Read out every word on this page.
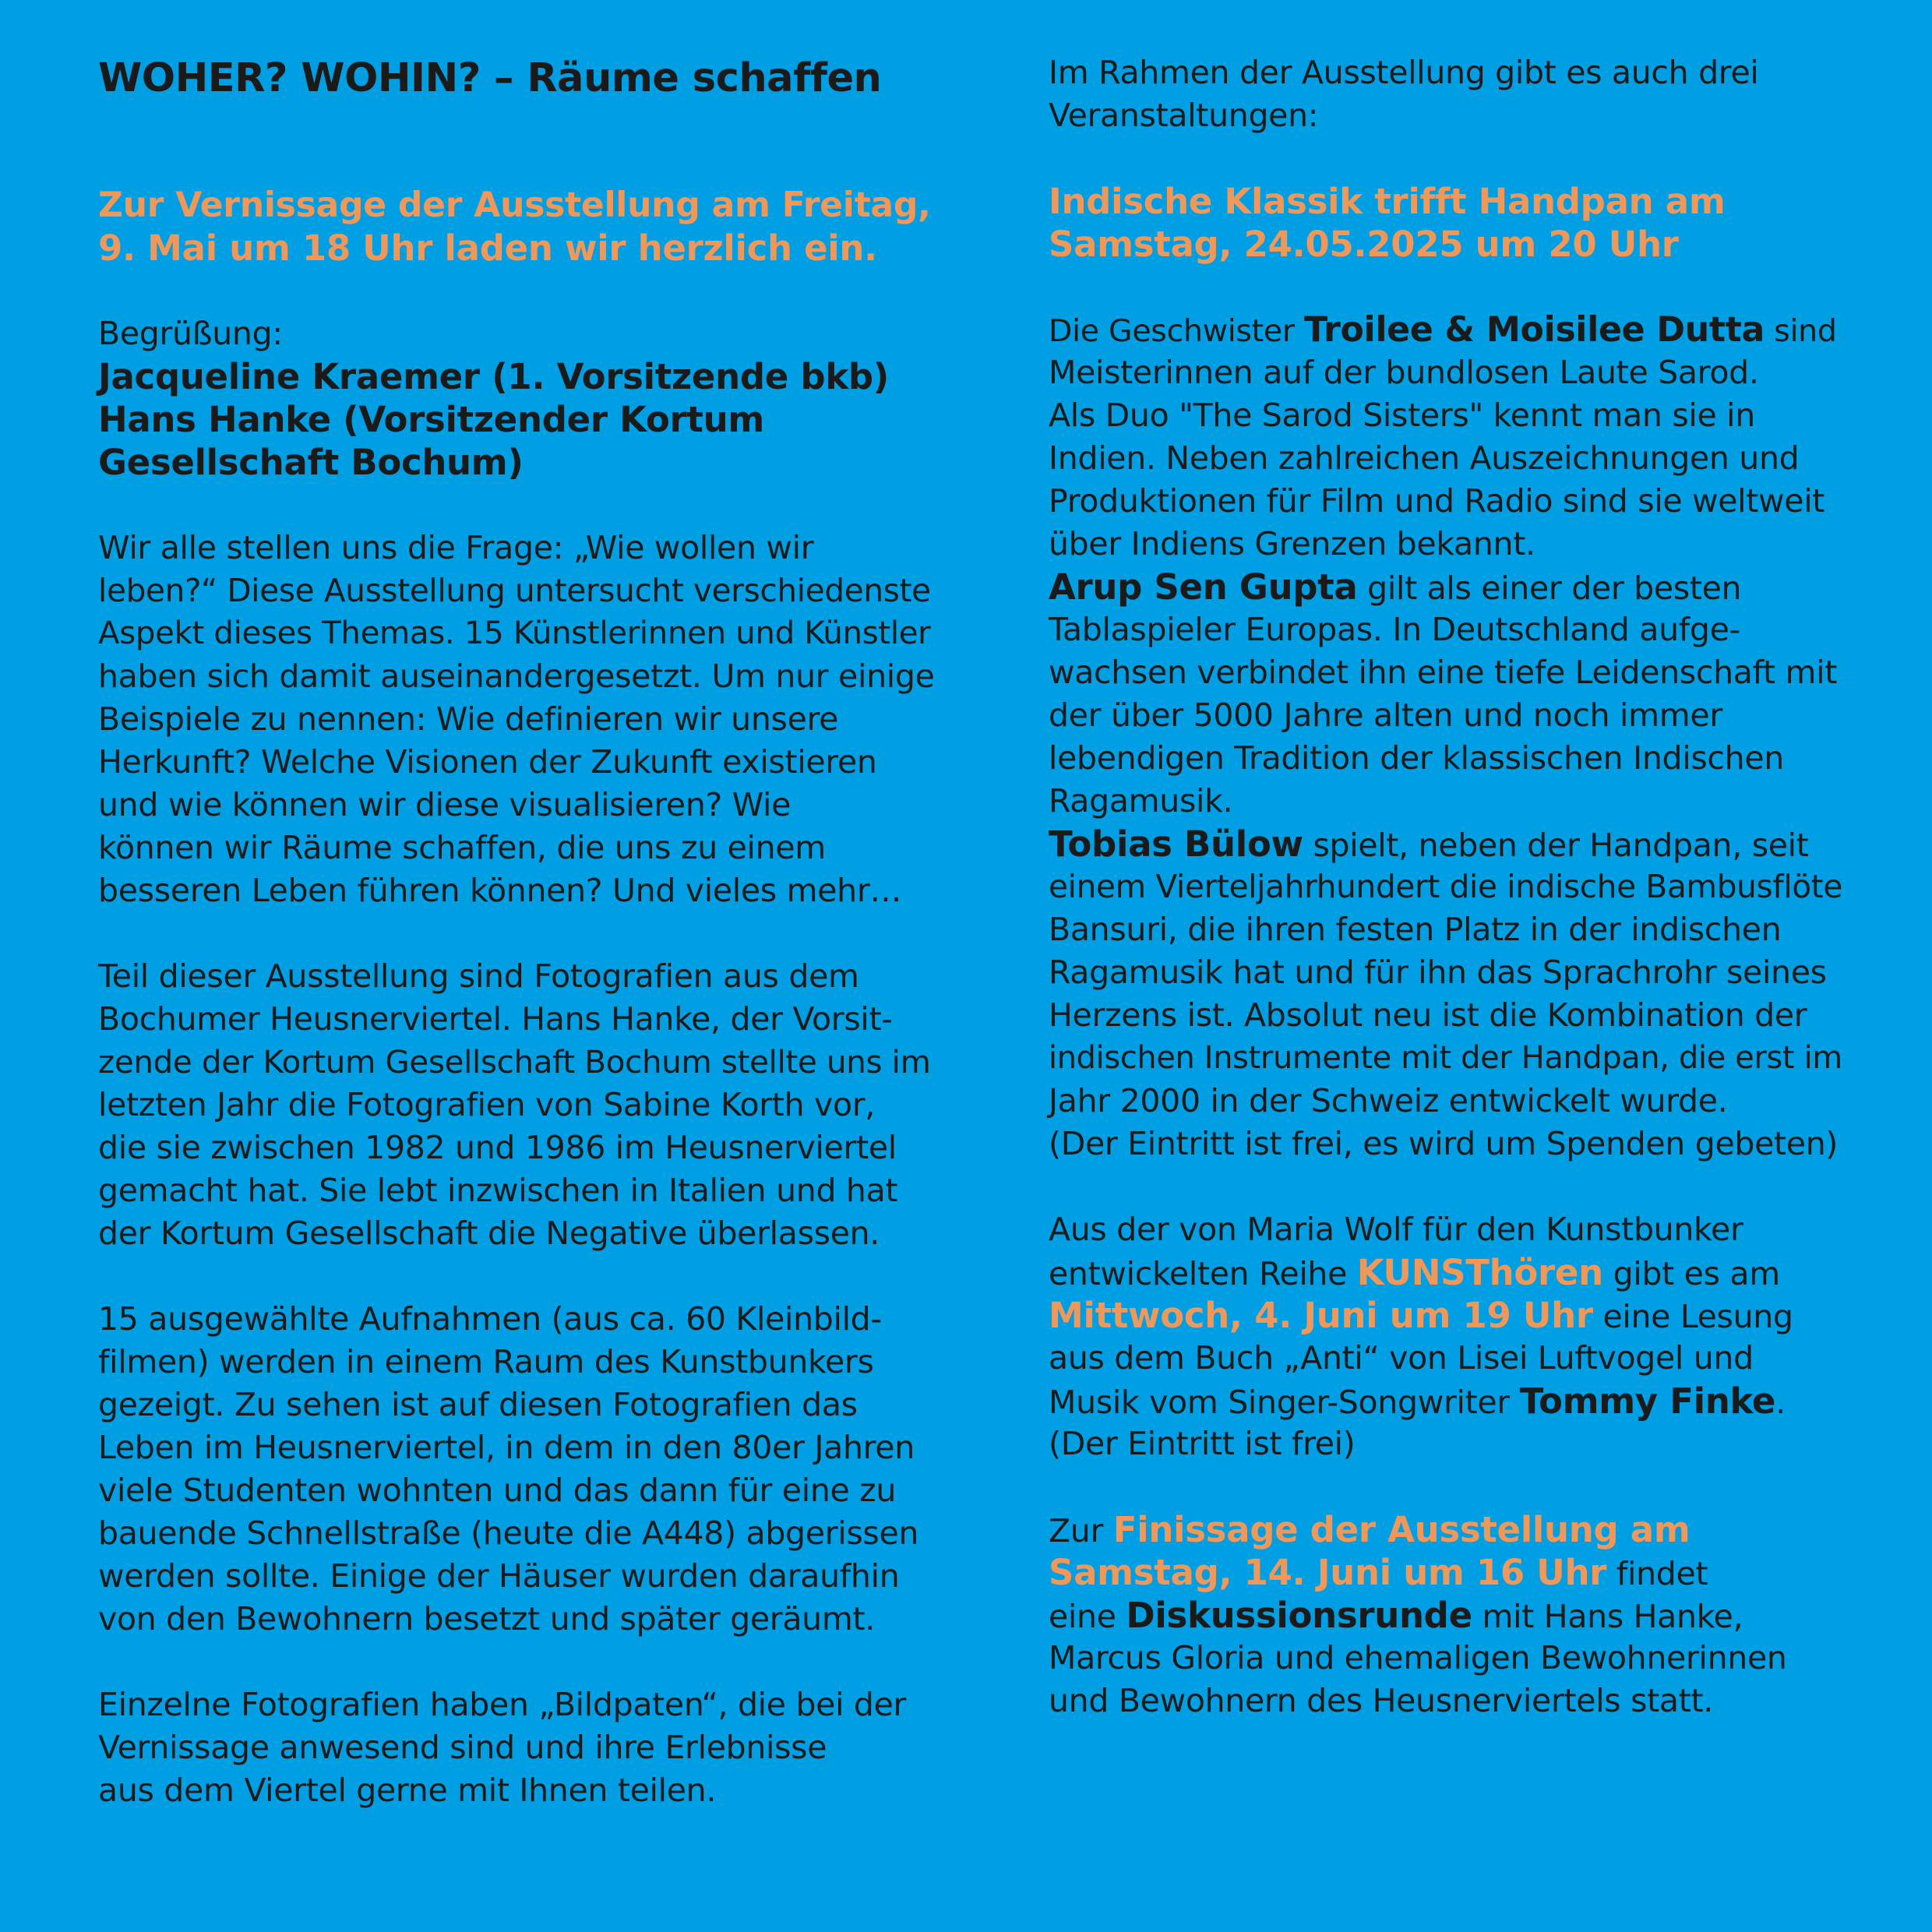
WOHER? WOHIN? – Räume schaffen
Zur Vernissage der Ausstellung am Freitag,
9. Mai um 18 Uhr laden wir herzlich ein.
Begrüßung:
Jacqueline Kraemer (1. Vorsitzende bkb)
Hans Hanke (Vorsitzender Kortum
Gesellschaft Bochum)
Wir alle stellen uns die Frage: „Wie wollen wir
leben?“ Diese Ausstellung untersucht verschiedenste
Aspekt dieses Themas. 15 Künstlerinnen und Künstler
haben sich damit auseinandergesetzt. Um nur einige
Beispiele zu nennen: Wie definieren wir unsere
Herkunft? Welche Visionen der Zukunft existieren
und wie können wir diese visualisieren? Wie
können wir Räume schaffen, die uns zu einem
besseren Leben führen können? Und vieles mehr…
Teil dieser Ausstellung sind Fotografien aus dem
Bochumer Heusnerviertel. Hans Hanke, der Vorsit-
zende der Kortum Gesellschaft Bochum stellte uns im
letzten Jahr die Fotografien von Sabine Korth vor,
die sie zwischen 1982 und 1986 im Heusnerviertel
gemacht hat. Sie lebt inzwischen in Italien und hat
der Kortum Gesellschaft die Negative überlassen.
15 ausgewählte Aufnahmen (aus ca. 60 Kleinbild-
filmen) werden in einem Raum des Kunstbunkers
gezeigt. Zu sehen ist auf diesen Fotografien das
Leben im Heusnerviertel, in dem in den 80er Jahren
viele Studenten wohnten und das dann für eine zu
bauende Schnellstraße (heute die A448) abgerissen
werden sollte. Einige der Häuser wurden daraufhin
von den Bewohnern besetzt und später geräumt.
Einzelne Fotografien haben „Bildpaten“, die bei der
Vernissage anwesend sind und ihre Erlebnisse
aus dem Viertel gerne mit Ihnen teilen.
Im Rahmen der Ausstellung gibt es auch drei
Veranstaltungen:
Indische Klassik trifft Handpan am
Samstag, 24.05.2025 um 20 Uhr
Die Geschwister Troilee & Moisilee Dutta sind
Meisterinnen auf der bundlosen Laute Sarod.
Als Duo "The Sarod Sisters" kennt man sie in
Indien. Neben zahlreichen Auszeichnungen und
Produktionen für Film und Radio sind sie weltweit
über Indiens Grenzen bekannt.
Arup Sen Gupta gilt als einer der besten
Tablaspieler Europas. In Deutschland aufge-
wachsen verbindet ihn eine tiefe Leidenschaft mit
der über 5000 Jahre alten und noch immer
lebendigen Tradition der klassischen Indischen
Ragamusik.
Tobias Bülow spielt, neben der Handpan, seit
einem Vierteljahrhundert die indische Bambusflöte
Bansuri, die ihren festen Platz in der indischen
Ragamusik hat und für ihn das Sprachrohr seines
Herzens ist. Absolut neu ist die Kombination der
indischen Instrumente mit der Handpan, die erst im
Jahr 2000 in der Schweiz entwickelt wurde.
(Der Eintritt ist frei, es wird um Spenden gebeten)
Aus der von Maria Wolf für den Kunstbunker
entwickelten Reihe KUNSThören gibt es am
Mittwoch, 4. Juni um 19 Uhr eine Lesung
aus dem Buch „Anti“ von Lisei Luftvogel und
Musik vom Singer-Songwriter Tommy Finke.
(Der Eintritt ist frei)
Zur Finissage der Ausstellung am
Samstag, 14. Juni um 16 Uhr findet
eine Diskussionsrunde mit Hans Hanke,
Marcus Gloria und ehemaligen Bewohnerinnen
und Bewohnern des Heusnerviertels statt.
